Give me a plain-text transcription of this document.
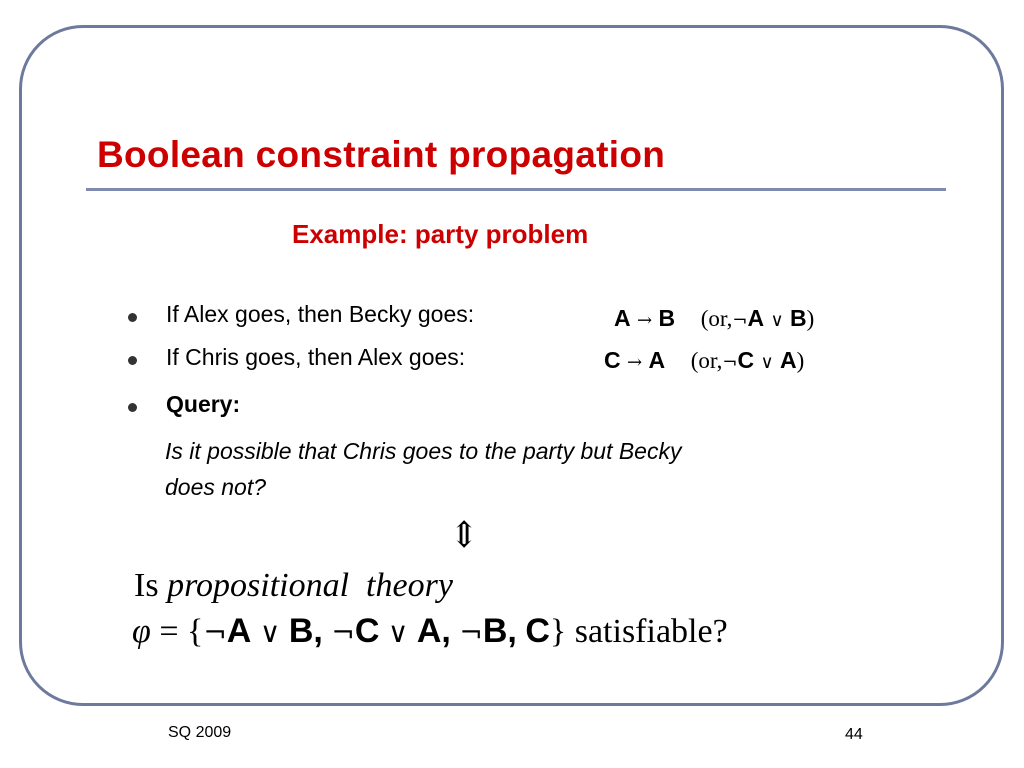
Boolean constraint propagation
Example: party problem
If Alex goes, then Becky goes:	A → B (or,¬A ∨ B)
If Chris goes, then Alex goes:	C → A (or,¬C ∨ A)
Query:
Is it possible that Chris goes to the party but Becky does not?
⇕
Is propositional  theory
φ = {¬A ∨ B, ¬C ∨ A, ¬B, C} satisfiable?
SQ 2009	44
